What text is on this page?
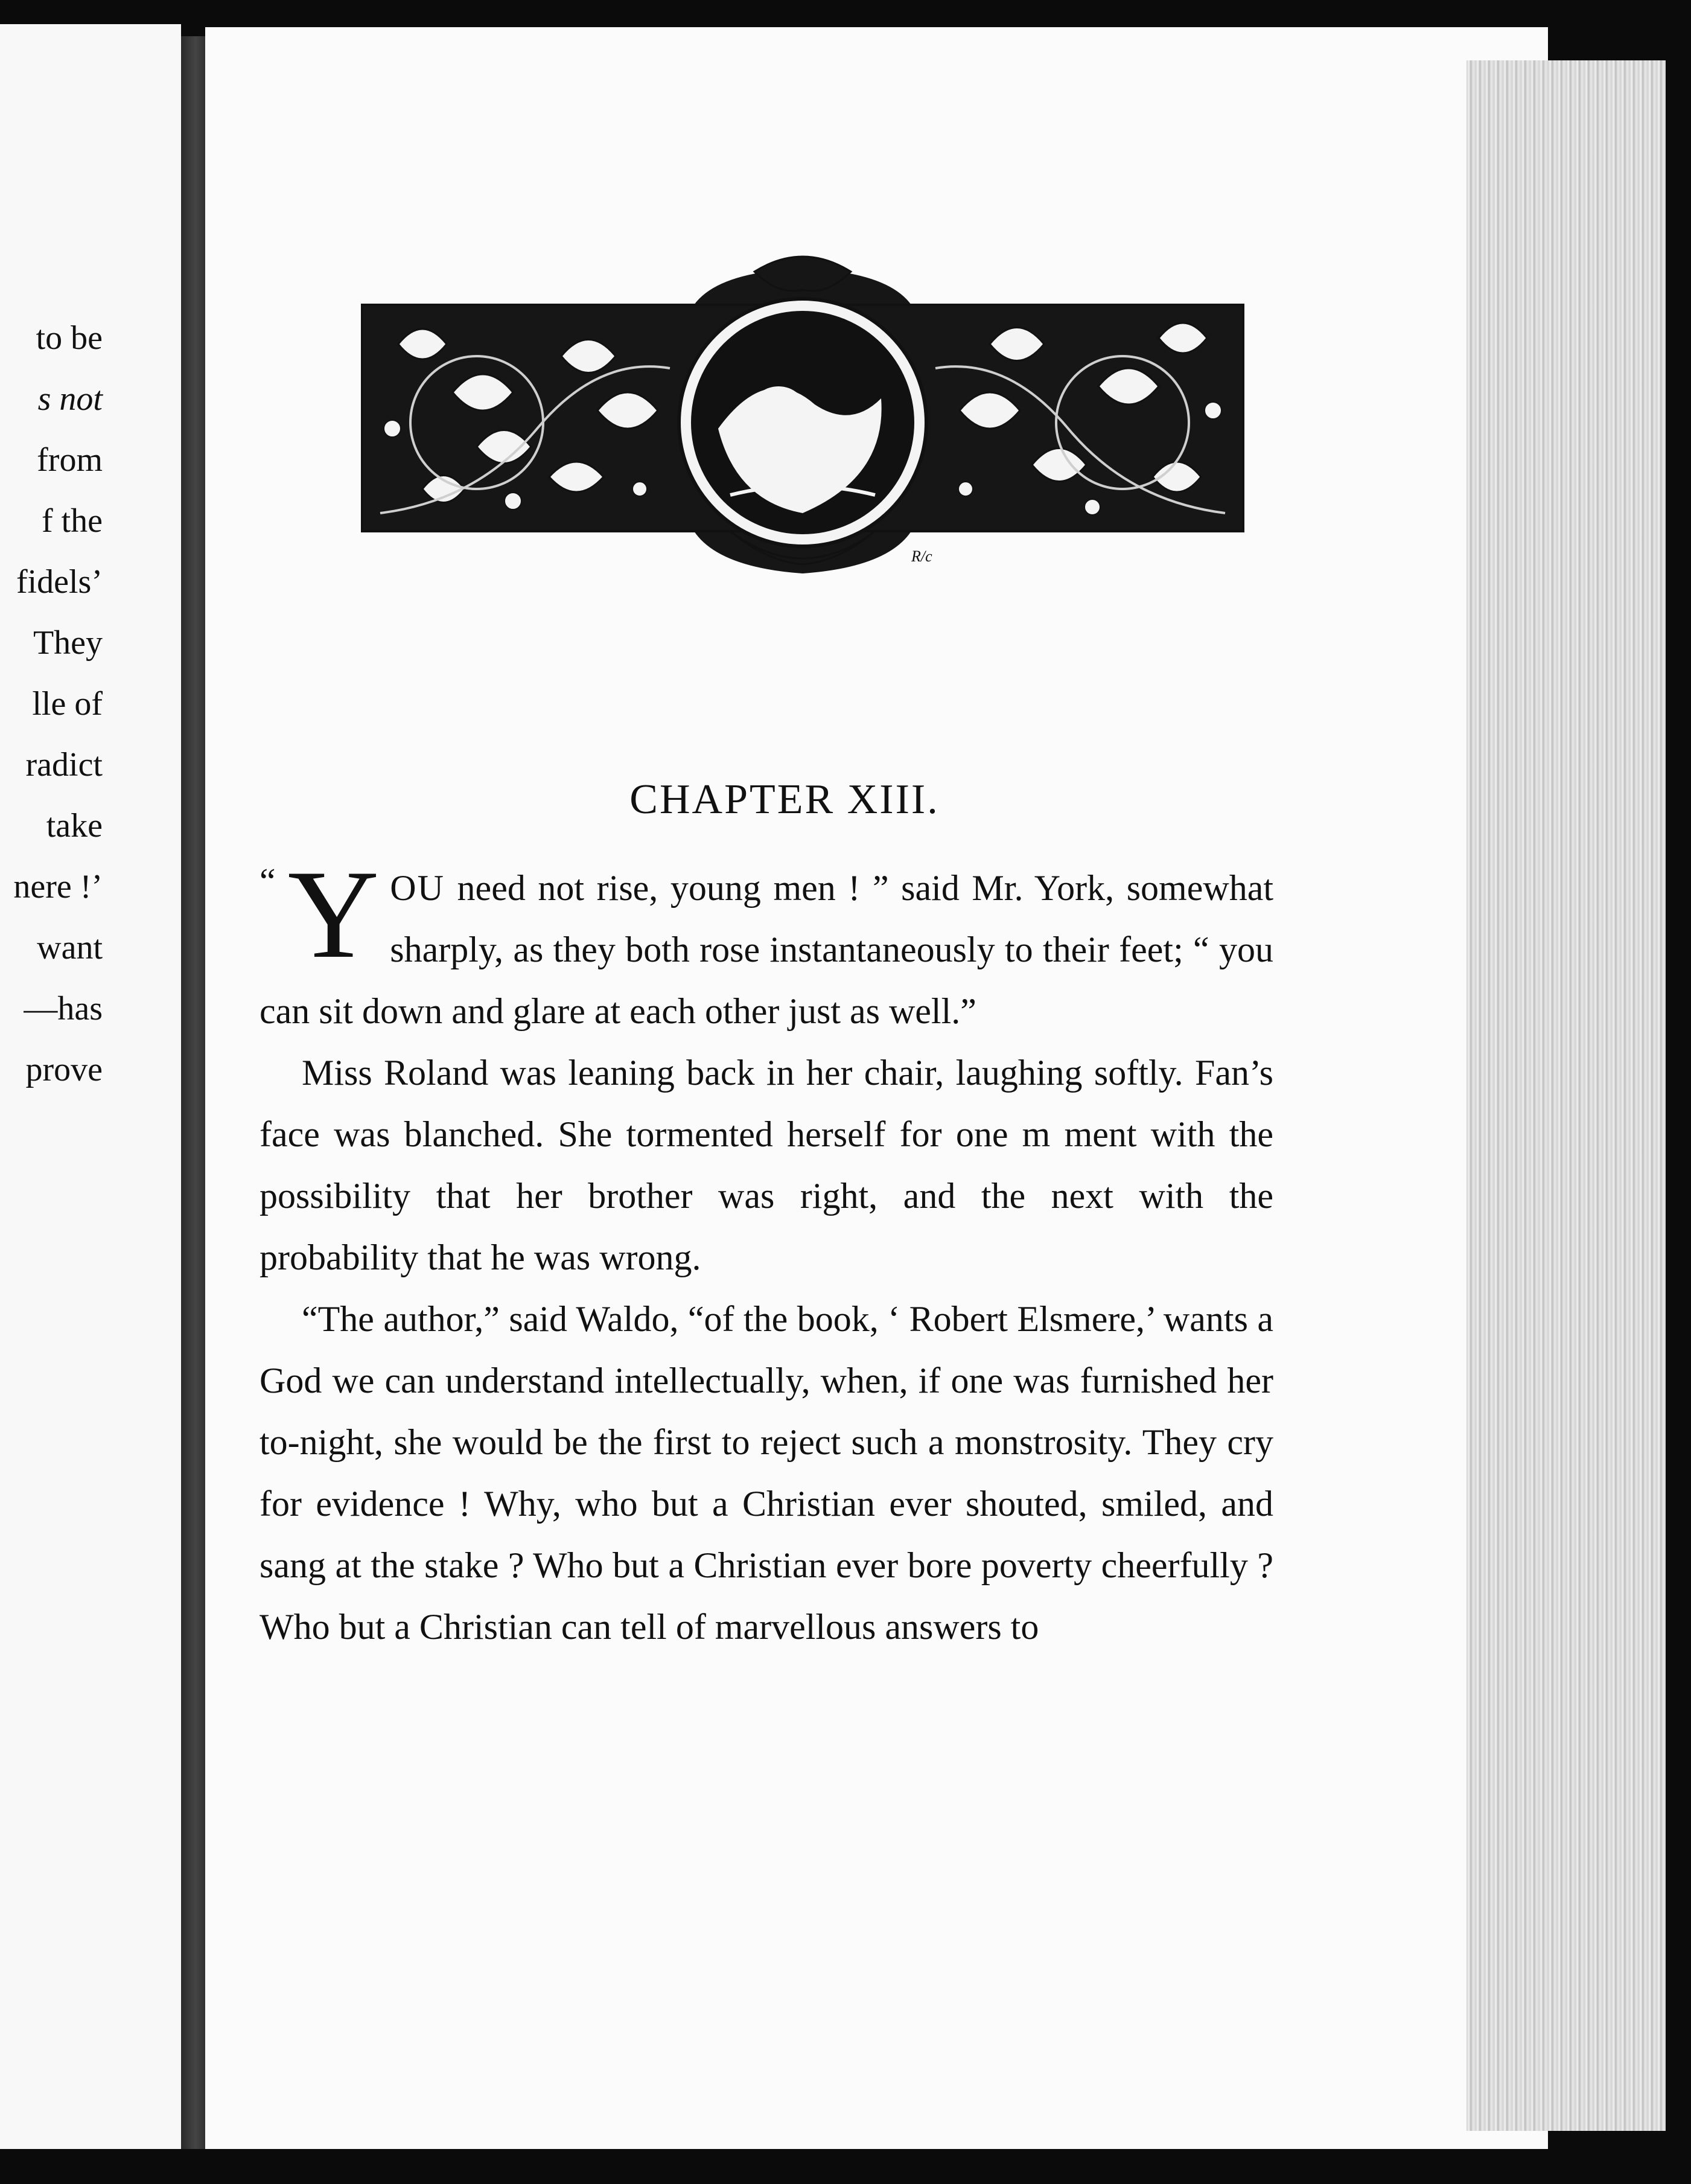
to be
s not
from
f the
fidels’
They
lle of
radict
take
nere !’
want
—has
prove
R/c
CHAPTER XIII.

“ Y OU need not rise, young men ! ” said Mr. York, somewhat sharply, as they both rose instantaneously to their feet; “ you can sit down and glare at each other just as well.”

Miss Roland was leaning back in her chair, laughing softly. Fan’s face was blanched. She tormented herself for one m ment with the possibility that her brother was right, and the next with the probability that he was wrong.

“The author,” said Waldo, “of the book, ‘ Robert Elsmere,’ wants a God we can understand intellectually, when, if one was furnished her to-night, she would be the first to reject such a monstrosity. They cry for evidence ! Why, who but a Christian ever shouted, smiled, and sang at the stake ? Who but a Christian ever bore poverty cheerfully ? Who but a Christian can tell of marvellous answers to
